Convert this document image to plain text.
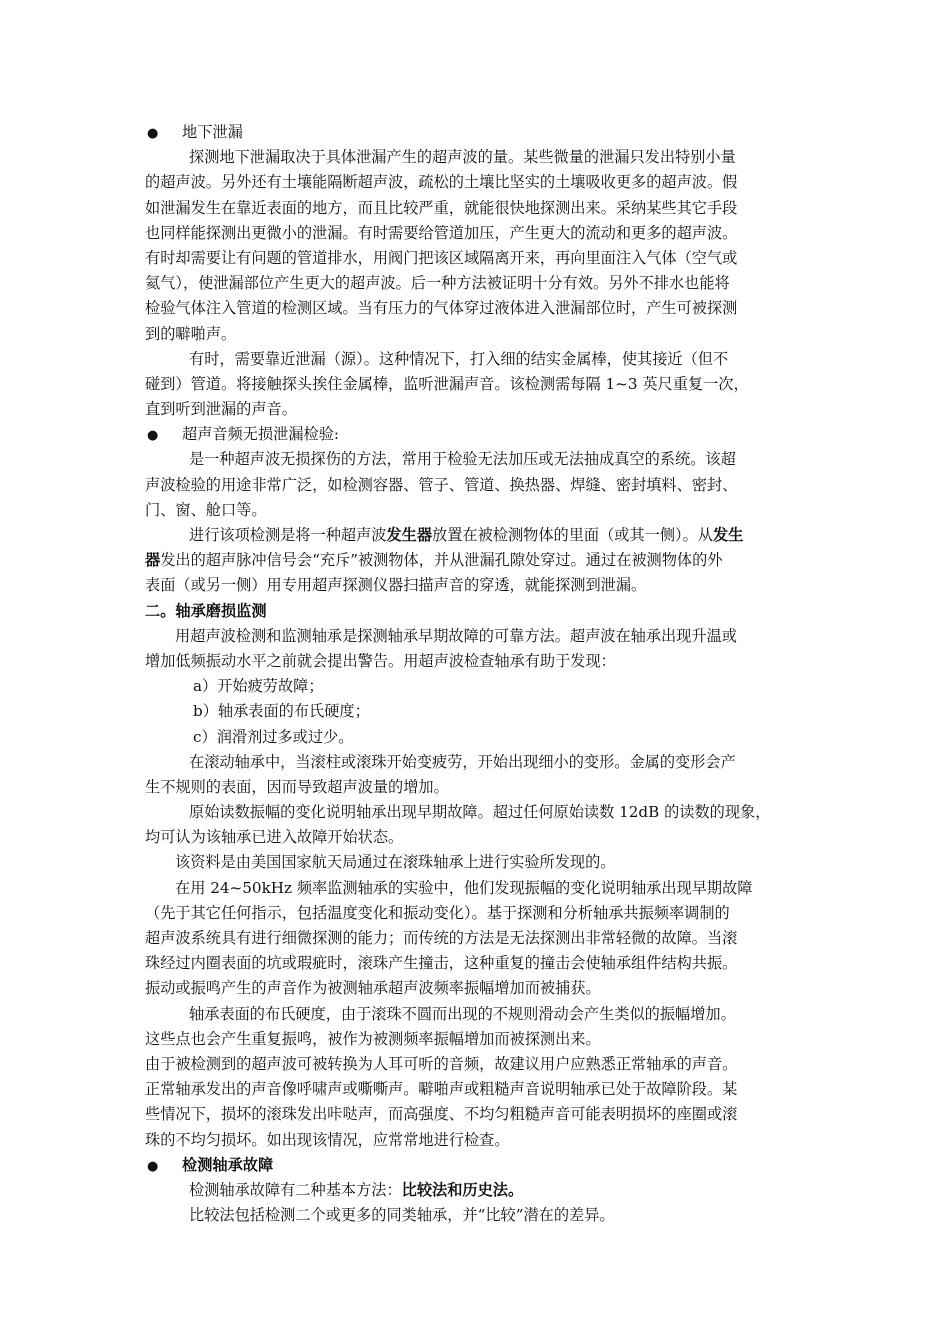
● 地下泄漏
探测地下泄漏取决于具体泄漏产生的超声波的量。某些微量的泄漏只发出特别小量
的超声波。另外还有土壤能隔断超声波，疏松的土壤比坚实的土壤吸收更多的超声波。假
如泄漏发生在靠近表面的地方，而且比较严重，就能很快地探测出来。采纳某些其它手段
也同样能探测出更微小的泄漏。有时需要给管道加压，产生更大的流动和更多的超声波。
有时却需要让有问题的管道排水，用阀门把该区域隔离开来，再向里面注入气体（空气或
氦气），使泄漏部位产生更大的超声波。后一种方法被证明十分有效。另外不排水也能将
检验气体注入管道的检测区域。当有压力的气体穿过液体进入泄漏部位时，产生可被探测
到的噼啪声。
有时，需要靠近泄漏（源）。这种情况下，打入细的结实金属棒，使其接近（但不
碰到）管道。将接触探头挨住金属棒，监听泄漏声音。该检测需每隔 1~3 英尺重复一次，
直到听到泄漏的声音。
● 超声音频无损泄漏检验:
是一种超声波无损探伤的方法，常用于检验无法加压或无法抽成真空的系统。该超
声波检验的用途非常广泛，如检测容器、管子、管道、换热器、焊缝、密封填料、密封、
门、窗、舱口等。
进行该项检测是将一种超声波发生器放置在被检测物体的里面（或其一侧）。从发生
器发出的超声脉冲信号会“充斥”被测物体，并从泄漏孔隙处穿过。通过在被测物体的外
表面（或另一侧）用专用超声探测仪器扫描声音的穿透，就能探测到泄漏。
二。轴承磨损监测
用超声波检测和监测轴承是探测轴承早期故障的可靠方法。超声波在轴承出现升温或
增加低频振动水平之前就会提出警告。用超声波检查轴承有助于发现：
a）开始疲劳故障；
b）轴承表面的布氏硬度；
c）润滑剂过多或过少。
在滚动轴承中，当滚柱或滚珠开始变疲劳，开始出现细小的变形。金属的变形会产
生不规则的表面，因而导致超声波量的增加。
原始读数振幅的变化说明轴承出现早期故障。超过任何原始读数 12dB 的读数的现象，
均可认为该轴承已进入故障开始状态。
该资料是由美国国家航天局通过在滚珠轴承上进行实验所发现的。
在用 24~50kHz 频率监测轴承的实验中，他们发现振幅的变化说明轴承出现早期故障
（先于其它任何指示，包括温度变化和振动变化）。基于探测和分析轴承共振频率调制的
超声波系统具有进行细微探测的能力；而传统的方法是无法探测出非常轻微的故障。当滚
珠经过内圈表面的坑或瑕疵时，滚珠产生撞击，这种重复的撞击会使轴承组件结构共振。
振动或振鸣产生的声音作为被测轴承超声波频率振幅增加而被捕获。
轴承表面的布氏硬度，由于滚珠不圆而出现的不规则滑动会产生类似的振幅增加。
这些点也会产生重复振鸣，被作为被测频率振幅增加而被探测出来。
由于被检测到的超声波可被转换为人耳可听的音频，故建议用户应熟悉正常轴承的声音。
正常轴承发出的声音像呼啸声或嘶嘶声。噼啪声或粗糙声音说明轴承已处于故障阶段。某
些情况下，损坏的滚珠发出咔哒声，而高强度、不均匀粗糙声音可能表明损坏的座圈或滚
珠的不均匀损坏。如出现该情况，应常常地进行检查。
● 检测轴承故障
检测轴承故障有二种基本方法：比较法和历史法。
比较法包括检测二个或更多的同类轴承，并“比较”潜在的差异。
